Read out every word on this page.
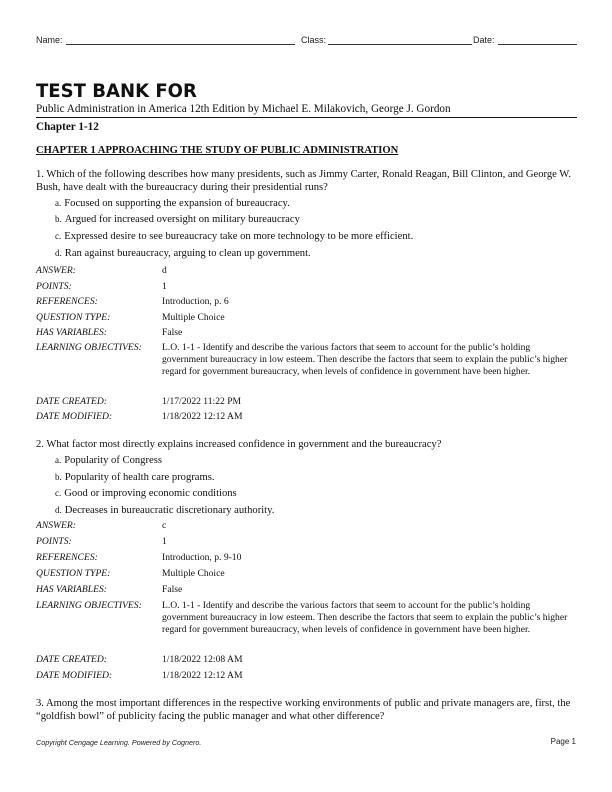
Name:	Class:	Date:
TEST BANK FOR
Public Administration in America 12th Edition by Michael E. Milakovich, George J. Gordon
Chapter 1-12
CHAPTER 1 APPROACHING THE STUDY OF PUBLIC ADMINISTRATION
1. Which of the following describes how many presidents, such as Jimmy Carter, Ronald Reagan, Bill Clinton, and George W. Bush, have dealt with the bureaucracy during their presidential runs?
a. Focused on supporting the expansion of bureaucracy.
b. Argued for increased oversight on military bureaucracy
c. Expressed desire to see bureaucracy take on more technology to be more efficient.
d. Ran against bureaucracy, arguing to clean up government.
ANSWER:	d
POINTS:	1
REFERENCES:	Introduction, p. 6
QUESTION TYPE:	Multiple Choice
HAS VARIABLES:	False
LEARNING OBJECTIVES: L.O. 1-1 - Identify and describe the various factors that seem to account for the public’s holding government bureaucracy in low esteem. Then describe the factors that seem to explain the public’s higher regard for government bureaucracy, when levels of confidence in government have been higher.
DATE CREATED:	1/17/2022 11:22 PM
DATE MODIFIED:	1/18/2022 12:12 AM
2. What factor most directly explains increased confidence in government and the bureaucracy?
a. Popularity of Congress
b. Popularity of health care programs.
c. Good or improving economic conditions
d. Decreases in bureaucratic discretionary authority.
ANSWER:	c
POINTS:	1
REFERENCES:	Introduction, p. 9-10
QUESTION TYPE:	Multiple Choice
HAS VARIABLES:	False
LEARNING OBJECTIVES: L.O. 1-1 - Identify and describe the various factors that seem to account for the public’s holding government bureaucracy in low esteem. Then describe the factors that seem to explain the public’s higher regard for government bureaucracy, when levels of confidence in government have been higher.
DATE CREATED:	1/18/2022 12:08 AM
DATE MODIFIED:	1/18/2022 12:12 AM
3. Among the most important differences in the respective working environments of public and private managers are, first, the “goldfish bowl” of publicity facing the public manager and what other difference?
Copyright Cengage Learning. Powered by Cognero.	Page 1
